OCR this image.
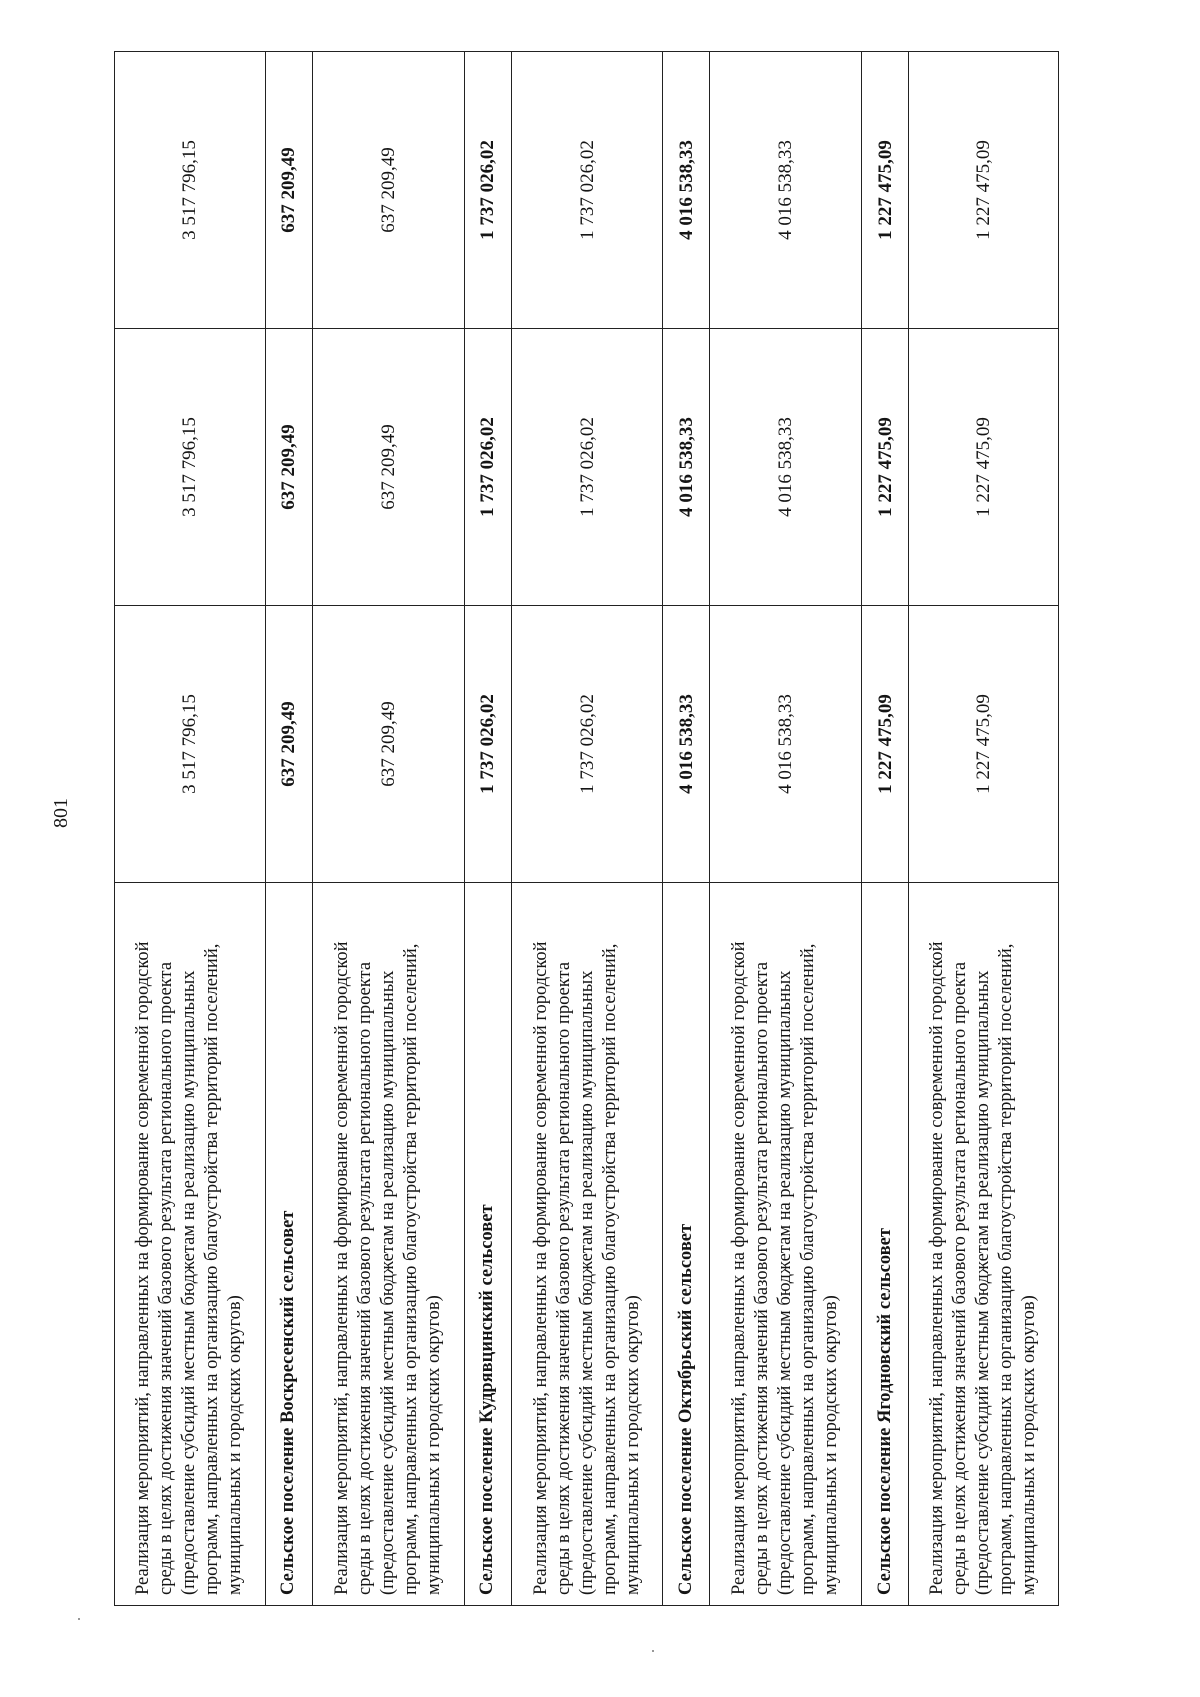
801
Реализация мероприятий, направленных на формирование современной городской среды в целях достижения значений базового результата регионального проекта (предоставление субсидий местным бюджетам на реализацию муниципальных программ, направленных на организацию благоустройства территорий поселений, муниципальных и городских округов)	3 517 796,15	3 517 796,15	3 517 796,15
Сельское поселение Воскресенский сельсовет	637 209,49	637 209,49	637 209,49
Реализация мероприятий, направленных на формирование современной городской среды в целях достижения значений базового результата регионального проекта (предоставление субсидий местным бюджетам на реализацию муниципальных программ, направленных на организацию благоустройства территорий поселений, муниципальных и городских округов)	637 209,49	637 209,49	637 209,49
Сельское поселение Кудрявцинский сельсовет	1 737 026,02	1 737 026,02	1 737 026,02
Реализация мероприятий, направленных на формирование современной городской среды в целях достижения значений базового результата регионального проекта (предоставление субсидий местным бюджетам на реализацию муниципальных программ, направленных на организацию благоустройства территорий поселений, муниципальных и городских округов)	1 737 026,02	1 737 026,02	1 737 026,02
Сельское поселение Октябрьский сельсовет	4 016 538,33	4 016 538,33	4 016 538,33
Реализация мероприятий, направленных на формирование современной городской среды в целях достижения значений базового результата регионального проекта (предоставление субсидий местным бюджетам на реализацию муниципальных программ, направленных на организацию благоустройства территорий поселений, муниципальных и городских округов)	4 016 538,33	4 016 538,33	4 016 538,33
Сельское поселение Ягодновский сельсовет	1 227 475,09	1 227 475,09	1 227 475,09
Реализация мероприятий, направленных на формирование современной городской среды в целях достижения значений базового результата регионального проекта (предоставление субсидий местным бюджетам на реализацию муниципальных программ, направленных на организацию благоустройства территорий поселений, муниципальных и городских округов)	1 227 475,09	1 227 475,09	1 227 475,09
